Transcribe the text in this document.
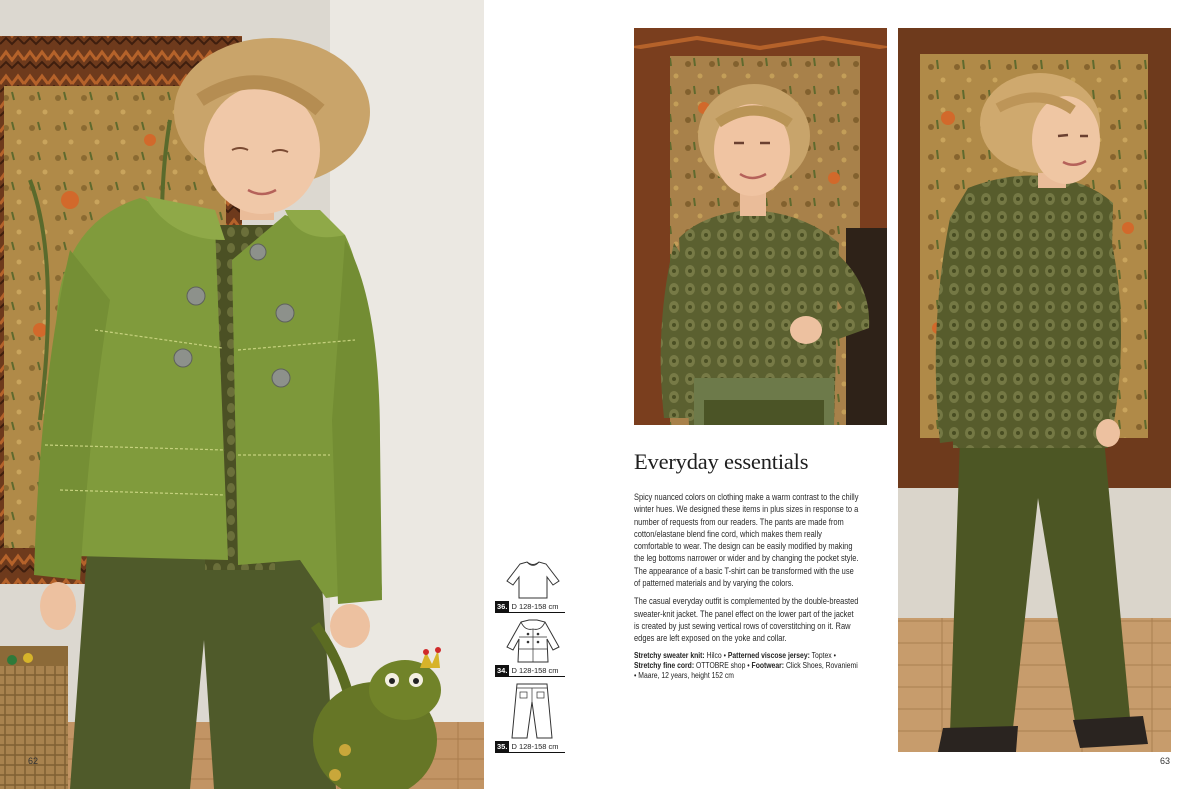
62
Everyday essentials

Spicy nuanced colors on clothing make a warm contrast to the chilly winter hues. We designed these items in plus sizes in response to a number of requests from our readers. The pants are made from cotton/elastane blend fine cord, which makes them really comfortable to wear. The design can be easily modified by making the leg bottoms narrower or wider and by changing the pocket style. The appearance of a basic T-shirt can be transformed with the use of patterned materials and by varying the colors.

The casual everyday outfit is complemented by the double-breasted sweater-knit jacket. The panel effect on the lower part of the jacket is created by just sewing vertical rows of coverstitching on it. Raw edges are left exposed on the yoke and collar.

Stretchy sweater knit: Hilco • Patterned viscose jersey: Toptex • Stretchy fine cord: OTTOBRE shop • Footwear: Click Shoes, Rovaniemi • Maare, 12 years, height 152 cm
36. D 128-158 cm
34. D 128-158 cm
35. D 128-158 cm
63
